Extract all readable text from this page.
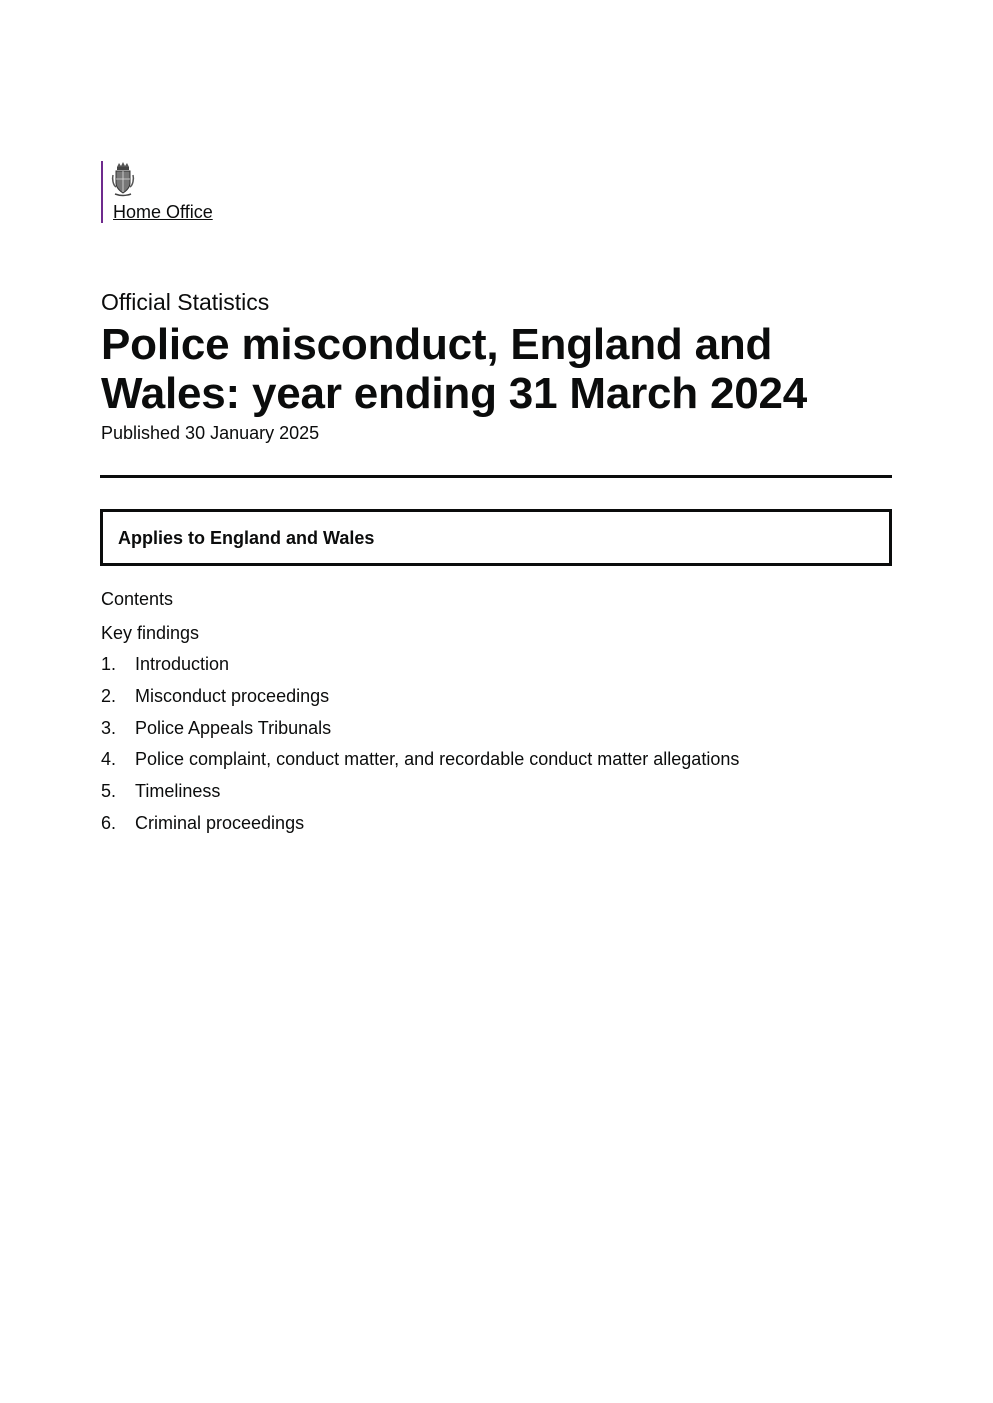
Home Office

Official Statistics

Police misconduct, England and Wales: year ending 31 March 2024

Published 30 January 2025

Applies to England and Wales

Contents

Key findings

1.	Introduction
2.	Misconduct proceedings
3.	Police Appeals Tribunals
4.	Police complaint, conduct matter, and recordable conduct matter allegations
5.	Timeliness
6.	Criminal proceedings
